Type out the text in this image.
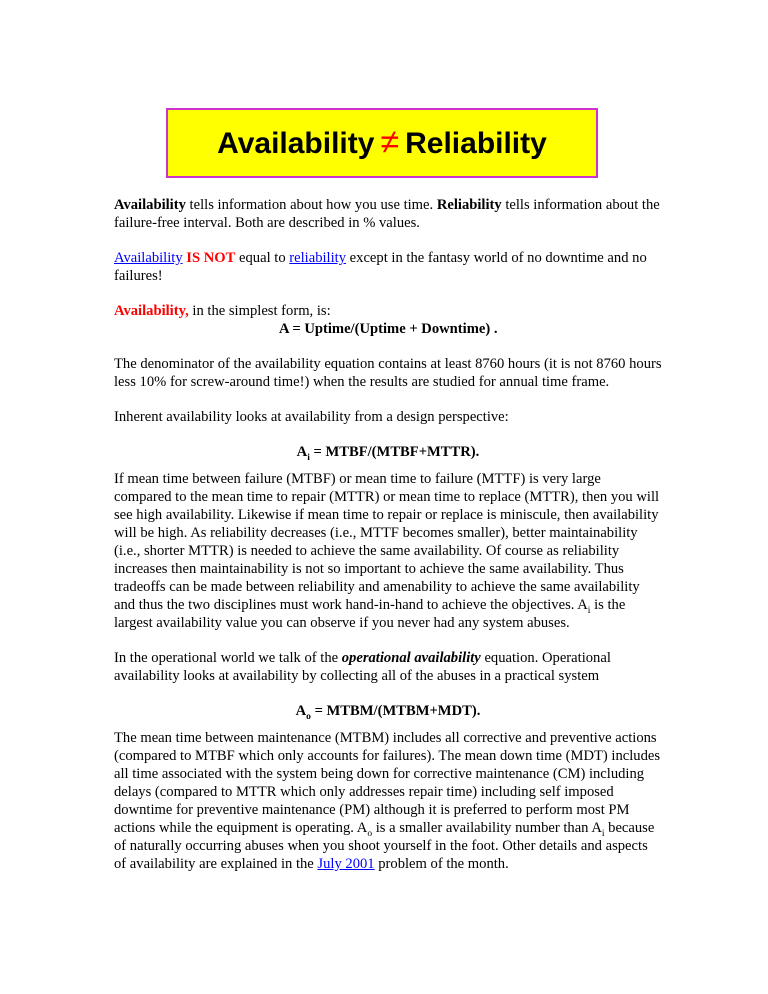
Availability ≠ Reliability

Availability tells information about how you use time. Reliability tells information about the failure-free interval. Both are described in % values.

Availability IS NOT equal to reliability except in the fantasy world of no downtime and no failures!

Availability, in the simplest form, is:

A = Uptime/(Uptime + Downtime) .

The denominator of the availability equation contains at least 8760 hours (it is not 8760 hours less 10% for screw-around time!) when the results are studied for annual time frame.

Inherent availability looks at availability from a design perspective:

$A_i$ = MTBF/(MTBF+MTTR).

If mean time between failure (MTBF) or mean time to failure (MTTF) is very large compared to the mean time to repair (MTTR) or mean time to replace (MTTR), then you will see high availability. Likewise if mean time to repair or replace is miniscule, then availability will be high. As reliability decreases (i.e., MTTF becomes smaller), better maintainability (i.e., shorter MTTR) is needed to achieve the same availability. Of course as reliability increases then maintainability is not so important to achieve the same availability. Thus tradeoffs can be made between reliability and amenability to achieve the same availability and thus the two disciplines must work hand-in-hand to achieve the objectives. $A_i$ is the largest availability value you can observe if you never had any system abuses.

In the operational world we talk of the operational availability equation. Operational availability looks at availability by collecting all of the abuses in a practical system

$A_o$ = MTBM/(MTBM+MDT).

The mean time between maintenance (MTBM) includes all corrective and preventive actions (compared to MTBF which only accounts for failures). The mean down time (MDT) includes all time associated with the system being down for corrective maintenance (CM) including delays (compared to MTTR which only addresses repair time) including self imposed downtime for preventive maintenance (PM) although it is preferred to perform most PM actions while the equipment is operating. $A_o$ is a smaller availability number than $A_i$ because of naturally occurring abuses when you shoot yourself in the foot. Other details and aspects of availability are explained in the July 2001 problem of the month.
